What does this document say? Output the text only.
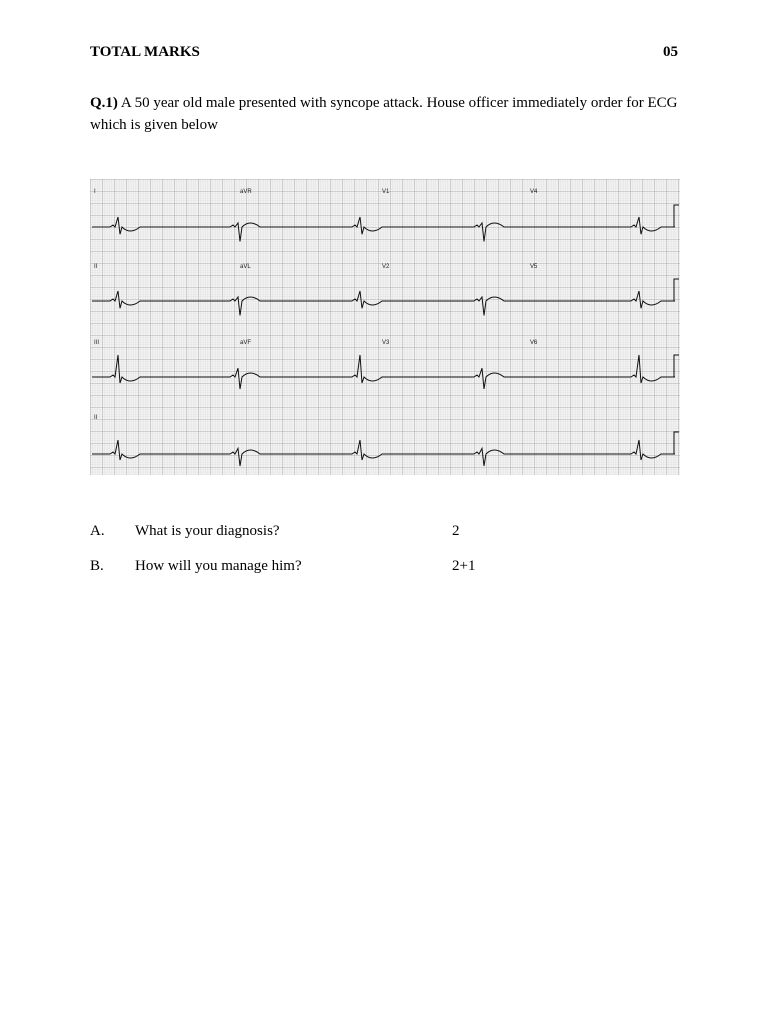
TOTAL MARKS	05
Q.1) A 50 year old male presented with syncope attack. House officer immediately order for ECG which is given below
I	aVR	V1	V4
II	aVL	V2	V5
III	aVF	V3	V6
II
A. What is your diagnosis?	2
B. How will you manage him?	2+1
